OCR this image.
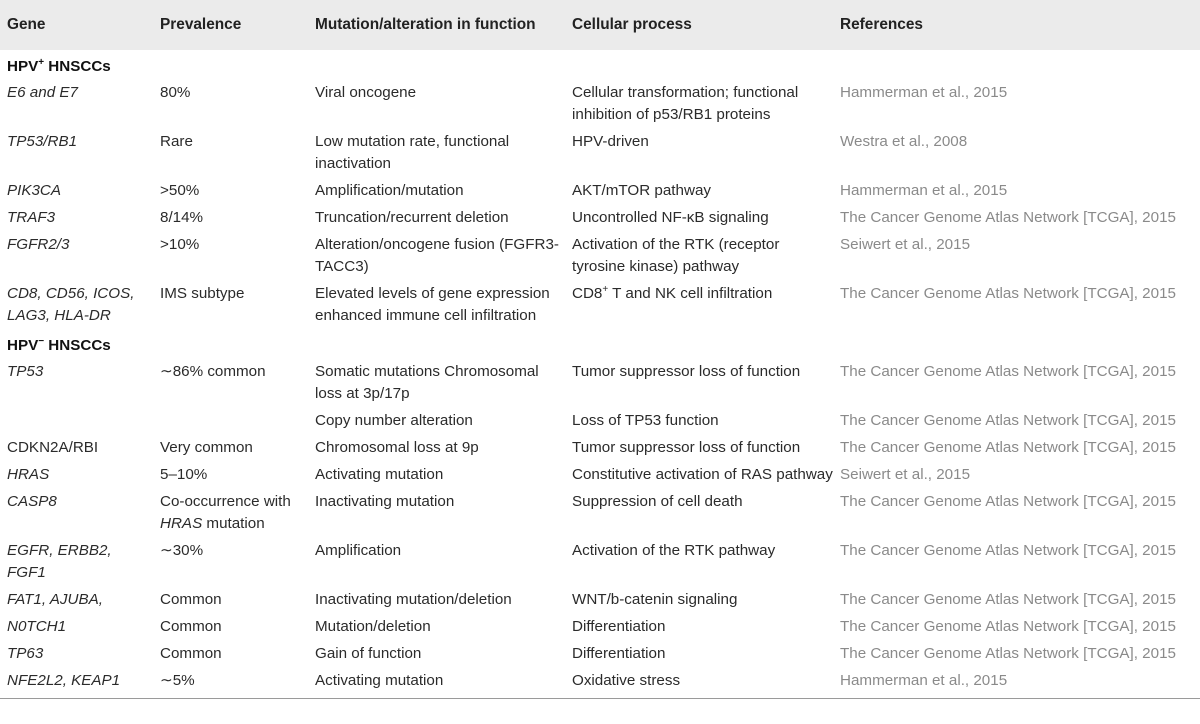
Gene	Prevalence	Mutation/alteration in function	Cellular process	References
HPV+ HNSCCs				
E6 and E7	80%	Viral oncogene	Cellular transformation; functional inhibition of p53/RB1 proteins	Hammerman et al., 2015
TP53/RB1	Rare	Low mutation rate, functional inactivation	HPV-driven	Westra et al., 2008
PIK3CA	>50%	Amplification/mutation	AKT/mTOR pathway	Hammerman et al., 2015
TRAF3	8/14%	Truncation/recurrent deletion	Uncontrolled NF-κB signaling	The Cancer Genome Atlas Network [TCGA], 2015
FGFR2/3	>10%	Alteration/oncogene fusion (FGFR3-TACC3)	Activation of the RTK (receptor tyrosine kinase) pathway	Seiwert et al., 2015
CD8, CD56, ICOS, LAG3, HLA-DR	IMS subtype	Elevated levels of gene expression enhanced immune cell infiltration	CD8+ T and NK cell infiltration	The Cancer Genome Atlas Network [TCGA], 2015
HPV− HNSCCs				
TP53	∼86% common	Somatic mutations Chromosomal loss at 3p/17p	Tumor suppressor loss of function	The Cancer Genome Atlas Network [TCGA], 2015
		Copy number alteration	Loss of TP53 function	The Cancer Genome Atlas Network [TCGA], 2015
CDKN2A/RBI	Very common	Chromosomal loss at 9p	Tumor suppressor loss of function	The Cancer Genome Atlas Network [TCGA], 2015
HRAS	5–10%	Activating mutation	Constitutive activation of RAS pathway	Seiwert et al., 2015
CASP8	Co-occurrence with HRAS mutation	Inactivating mutation	Suppression of cell death	The Cancer Genome Atlas Network [TCGA], 2015
EGFR, ERBB2, FGF1	∼30%	Amplification	Activation of the RTK pathway	The Cancer Genome Atlas Network [TCGA], 2015
FAT1, AJUBA,	Common	Inactivating mutation/deletion	WNT/b-catenin signaling	The Cancer Genome Atlas Network [TCGA], 2015
N0TCH1	Common	Mutation/deletion	Differentiation	The Cancer Genome Atlas Network [TCGA], 2015
TP63	Common	Gain of function	Differentiation	The Cancer Genome Atlas Network [TCGA], 2015
NFE2L2, KEAP1	∼5%	Activating mutation	Oxidative stress	Hammerman et al., 2015
